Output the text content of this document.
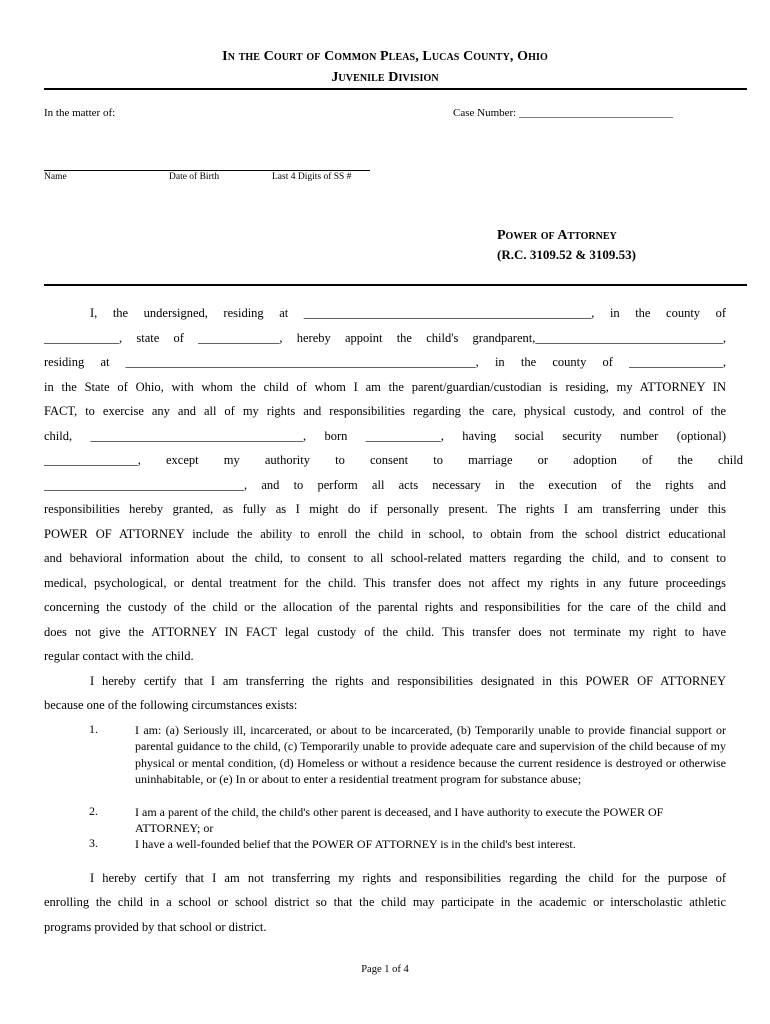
In the Court of Common Pleas, Lucas County, Ohio
Juvenile Division
In the matter of:	Case Number: ____________________________
Name	Date of Birth	Last 4 Digits of SS #
Power of Attorney
(R.C. 3109.52 & 3109.53)
I, the undersigned, residing at ______________________________________________, in the county of
____________, state of _____________, hereby appoint the child's grandparent,______________________________,
residing at ________________________________________________________, in the county of _______________,
in the State of Ohio, with whom the child of whom I am the parent/guardian/custodian is residing, my ATTORNEY IN
FACT, to exercise any and all of my rights and responsibilities regarding the care, physical custody, and control of the
child, __________________________________, born ____________, having social security number (optional)
_______________, except my authority to consent to marriage or adoption of the child
________________________________, and to perform all acts necessary in the execution of the rights and
responsibilities hereby granted, as fully as I might do if personally present. The rights I am transferring under this
POWER OF ATTORNEY include the ability to enroll the child in school, to obtain from the school district educational
and behavioral information about the child, to consent to all school-related matters regarding the child, and to consent to
medical, psychological, or dental treatment for the child. This transfer does not affect my rights in any future proceedings
concerning the custody of the child or the allocation of the parental rights and responsibilities for the care of the child and
does not give the ATTORNEY IN FACT legal custody of the child. This transfer does not terminate my right to have
regular contact with the child.
I hereby certify that I am transferring the rights and responsibilities designated in this POWER OF ATTORNEY
because one of the following circumstances exists:
1.	I am: (a) Seriously ill, incarcerated, or about to be incarcerated, (b) Temporarily unable to provide financial support or parental guidance to the child, (c) Temporarily unable to provide adequate care and supervision of the child because of my physical or mental condition, (d) Homeless or without a residence because the current residence is destroyed or otherwise uninhabitable, or (e) In or about to enter a residential treatment program for substance abuse;
2.	I am a parent of the child, the child's other parent is deceased, and I have authority to execute the POWER OF ATTORNEY; or
3.	I have a well-founded belief that the POWER OF ATTORNEY is in the child's best interest.
I hereby certify that I am not transferring my rights and responsibilities regarding the child for the purpose of
enrolling the child in a school or school district so that the child may participate in the academic or interscholastic athletic
programs provided by that school or district.
Page 1 of 4
